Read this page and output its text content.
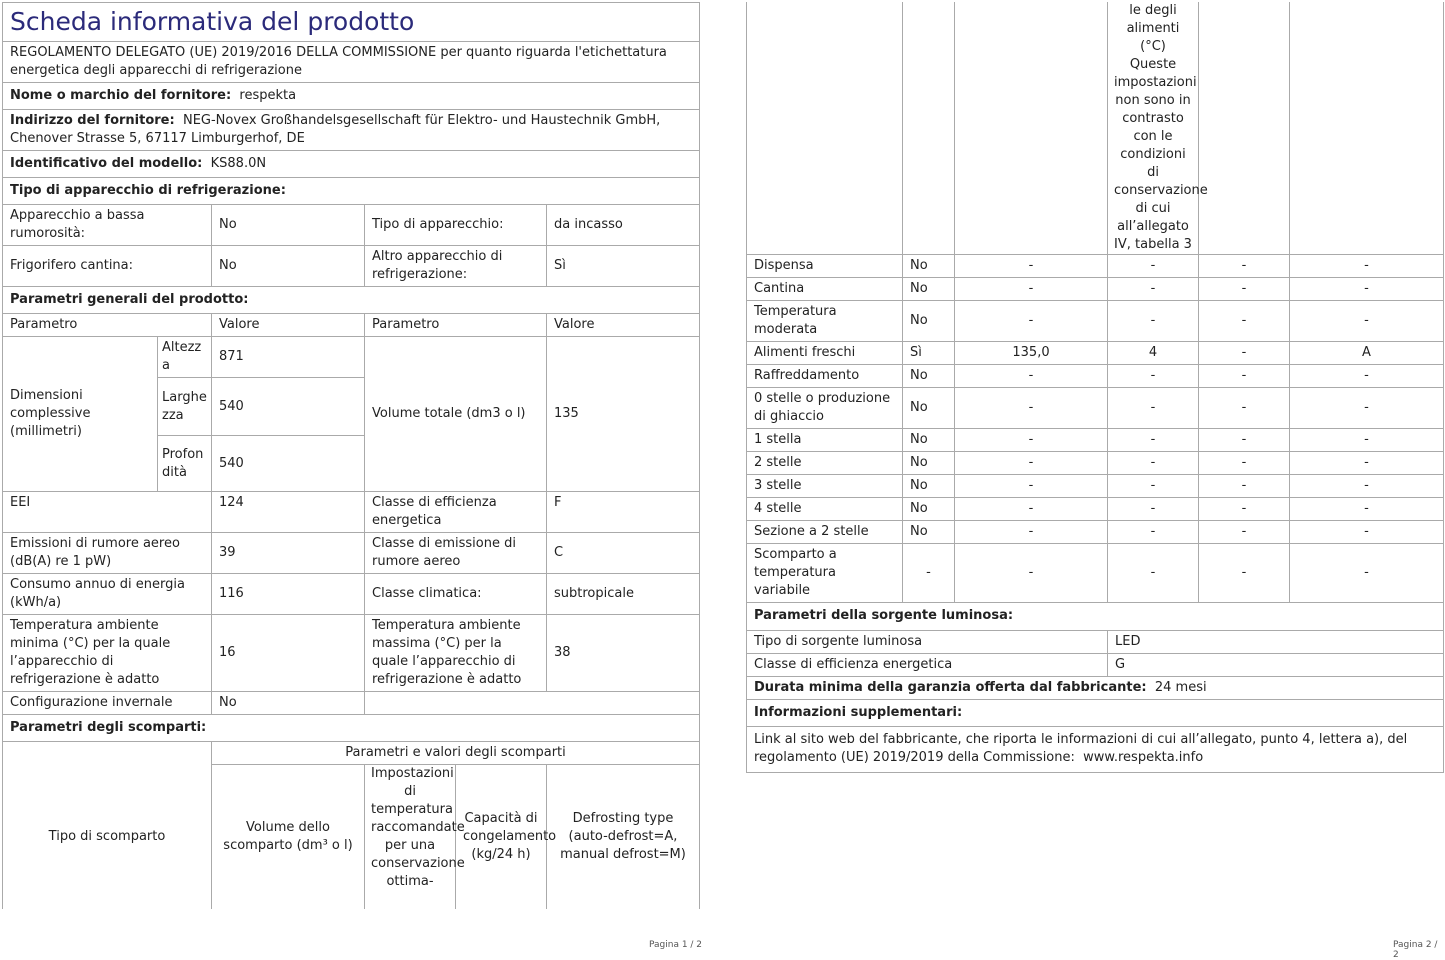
Scheda informativa del prodotto				
REGOLAMENTO DELEGATO (UE) 2019/2016 DELLA COMMISSIONE per quanto riguarda l'etichettatura energetica degli apparecchi di refrigerazione				
Nome o marchio del fornitore: respekta				
Indirizzo del fornitore: NEG-Novex Großhandelsgesellschaft für Elektro- und Haustechnik GmbH, Chenover Strasse 5, 67117 Limburgerhof, DE				
Identificativo del modello: KS88.0N				
Tipo di apparecchio di refrigerazione:				
Apparecchio a bassa rumorosità:		No	Tipo di apparecchio:	da incasso
Frigorifero cantina:		No	Altro apparecchio di refrigerazione:	Sì
Parametri generali del prodotto:				
Parametro		Valore	Parametro	Valore
Dimensioni complessive (millimetri)	Altezza	871	Volume totale (dm3 o l)	135
	Larghezza	540		
	Profondità	540		
EEI		124	Classe di efficienza energetica	F
Emissioni di rumore aereo (dB(A) re 1 pW)		39	Classe di emissione di rumore aereo	C
Consumo annuo di energia (kWh/a)		116	Classe climatica:	subtropicale
Temperatura ambiente minima (°C) per la quale l’apparecchio di refrigerazione è adatto		16	Temperatura ambiente massima (°C) per la quale l’apparecchio di refrigerazione è adatto	38
Configurazione invernale		No		
Parametri degli scomparti:				
	Parametri e valori degli scomparti			
Tipo di scomparto	Volume dello scomparto (dm³ o l)	Impostazioni di temperatura raccomandate per una conservazione ottima-	Capacità di congelamento (kg/24 h)	Defrosting type (auto-defrost=A, manual defrost=M)

le degli alimenti (°C)
Queste impostazioni non sono in contrasto con le condizioni di conservazione di cui all’allegato IV, tabella 3

Dispensa	No	-	-	-	-
Cantina	No	-	-	-	-
Temperatura moderata	No	-	-	-	-
Alimenti freschi	Sì	135,0	4	-	A
Raffreddamento	No	-	-	-	-
0 stelle o produzione di ghiaccio	No	-	-	-	-
1 stella	No	-	-	-	-
2 stelle	No	-	-	-	-
3 stelle	No	-	-	-	-
4 stelle	No	-	-	-	-
Sezione a 2 stelle	No	-	-	-	-
Scomparto a temperatura variabile	-	-	-	-	-
Parametri della sorgente luminosa:	
Tipo di sorgente luminosa	LED
Classe di efficienza energetica	G
Durata minima della garanzia offerta dal fabbricante: 24 mesi	
Informazioni supplementari:	
Link al sito web del fabbricante, che riporta le informazioni di cui all’allegato, punto 4, lettera a), del regolamento (UE) 2019/2019 della Commissione: www.respekta.info	
Pagina 1 / 2	Pagina 2 / 2
